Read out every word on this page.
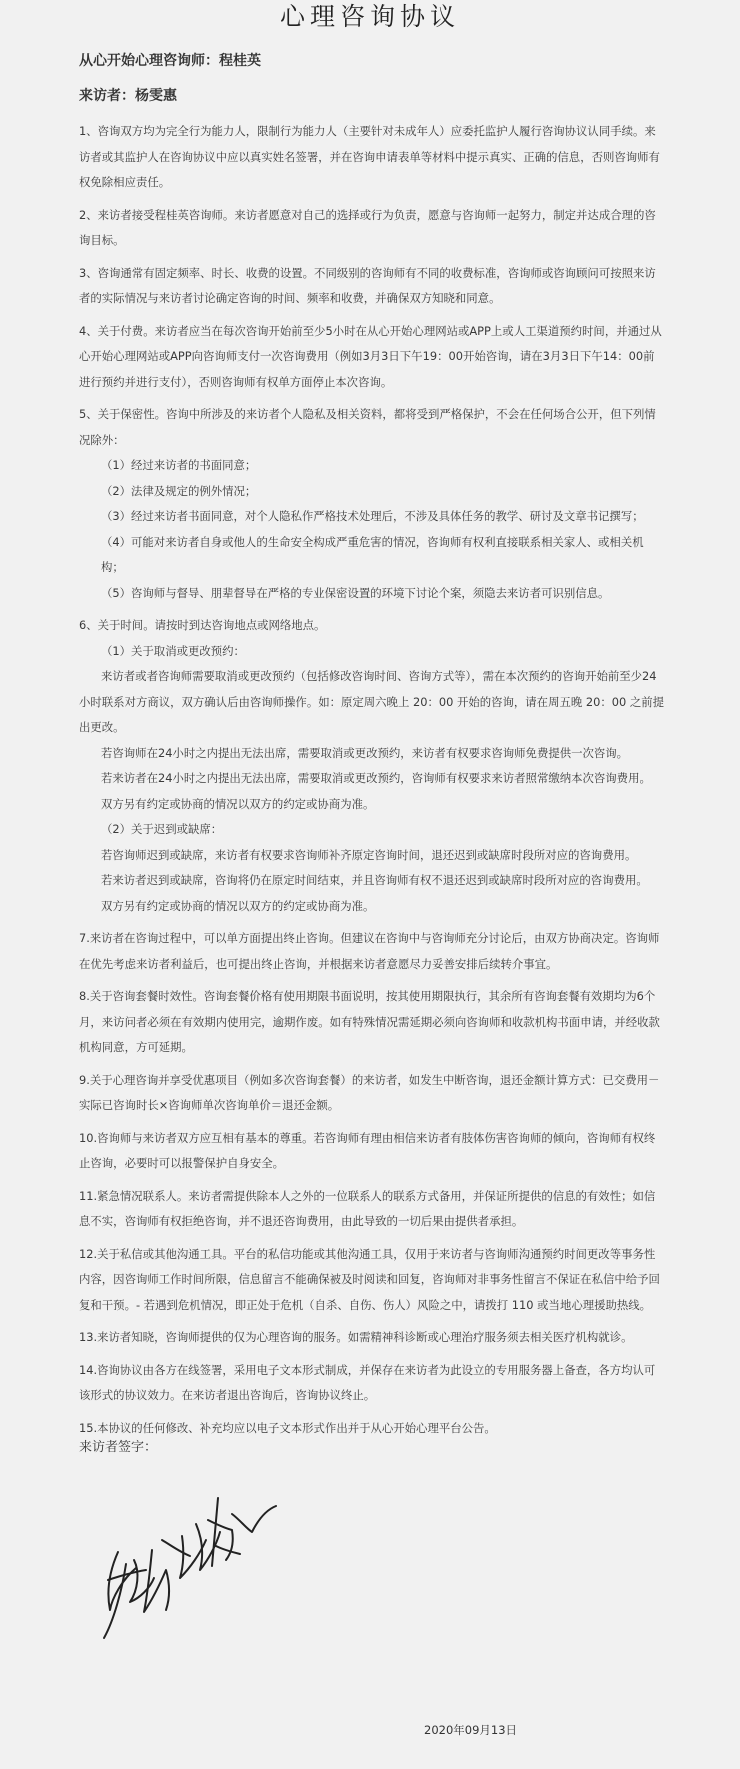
心理咨询协议
从心开始心理咨询师：程桂英
来访者：杨雯惠
1、咨询双方均为完全行为能力人，限制行为能力人（主要针对未成年人）应委托监护人履行咨询协议认同手续。来访者或其监护人在咨询协议中应以真实姓名签署，并在咨询申请表单等材料中提示真实、正确的信息，否则咨询师有权免除相应责任。
2、来访者接受程桂英咨询师。来访者愿意对自己的选择或行为负责，愿意与咨询师一起努力，制定并达成合理的咨询目标。
3、咨询通常有固定频率、时长、收费的设置。不同级别的咨询师有不同的收费标准，咨询师或咨询顾问可按照来访者的实际情况与来访者讨论确定咨询的时间、频率和收费，并确保双方知晓和同意。
4、关于付费。来访者应当在每次咨询开始前至少5小时在从心开始心理网站或APP上或人工渠道预约时间，并通过从心开始心理网站或APP向咨询师支付一次咨询费用（例如3月3日下午19：00开始咨询，请在3月3日下午14：00前进行预约并进行支付），否则咨询师有权单方面停止本次咨询。
5、关于保密性。咨询中所涉及的来访者个人隐私及相关资料，都将受到严格保护，不会在任何场合公开，但下列情况除外：
（1）经过来访者的书面同意；
（2）法律及规定的例外情况；
（3）经过来访者书面同意，对个人隐私作严格技术处理后，不涉及具体任务的教学、研讨及文章书记撰写；
（4）可能对来访者自身或他人的生命安全构成严重危害的情况，咨询师有权利直接联系相关家人、或相关机构；
（5）咨询师与督导、朋辈督导在严格的专业保密设置的环境下讨论个案，须隐去来访者可识别信息。
6、关于时间。请按时到达咨询地点或网络地点。
（1）关于取消或更改预约：
来访者或者咨询师需要取消或更改预约（包括修改咨询时间、咨询方式等），需在本次预约的咨询开始前至少24小时联系对方商议，双方确认后由咨询师操作。如：原定周六晚上 20：00 开始的咨询，请在周五晚 20：00 之前提出更改。
若咨询师在24小时之内提出无法出席，需要取消或更改预约，来访者有权要求咨询师免费提供一次咨询。
若来访者在24小时之内提出无法出席，需要取消或更改预约，咨询师有权要求来访者照常缴纳本次咨询费用。
双方另有约定或协商的情况以双方的约定或协商为准。
（2）关于迟到或缺席：
若咨询师迟到或缺席，来访者有权要求咨询师补齐原定咨询时间，退还迟到或缺席时段所对应的咨询费用。
若来访者迟到或缺席，咨询将仍在原定时间结束，并且咨询师有权不退还迟到或缺席时段所对应的咨询费用。
双方另有约定或协商的情况以双方的约定或协商为准。
7.来访者在咨询过程中，可以单方面提出终止咨询。但建议在咨询中与咨询师充分讨论后，由双方协商决定。咨询师在优先考虑来访者利益后，也可提出终止咨询，并根据来访者意愿尽力妥善安排后续转介事宜。
8.关于咨询套餐时效性。咨询套餐价格有使用期限书面说明，按其使用期限执行，其余所有咨询套餐有效期均为6个月，来访问者必须在有效期内使用完，逾期作废。如有特殊情况需延期必须向咨询师和收款机构书面申请，并经收款机构同意，方可延期。
9.关于心理咨询并享受优惠项目（例如多次咨询套餐）的来访者，如发生中断咨询，退还金额计算方式：已交费用－实际已咨询时长×咨询师单次咨询单价＝退还金额。
10.咨询师与来访者双方应互相有基本的尊重。若咨询师有理由相信来访者有肢体伤害咨询师的倾向，咨询师有权终止咨询，必要时可以报警保护自身安全。
11.紧急情况联系人。来访者需提供除本人之外的一位联系人的联系方式备用，并保证所提供的信息的有效性；如信息不实，咨询师有权拒绝咨询，并不退还咨询费用，由此导致的一切后果由提供者承担。
12.关于私信或其他沟通工具。平台的私信功能或其他沟通工具，仅用于来访者与咨询师沟通预约时间更改等事务性内容，因咨询师工作时间所限，信息留言不能确保被及时阅读和回复，咨询师对非事务性留言不保证在私信中给予回复和干预。- 若遇到危机情况，即正处于危机（自杀、自伤、伤人）风险之中，请拨打 110 或当地心理援助热线。
13.来访者知晓，咨询师提供的仅为心理咨询的服务。如需精神科诊断或心理治疗服务须去相关医疗机构就诊。
14.咨询协议由各方在线签署，采用电子文本形式制成，并保存在来访者为此设立的专用服务器上备查，各方均认可该形式的协议效力。在来访者退出咨询后，咨询协议终止。
15.本协议的任何修改、补充均应以电子文本形式作出并于从心开始心理平台公告。
来访者签字：
2020年09月13日
